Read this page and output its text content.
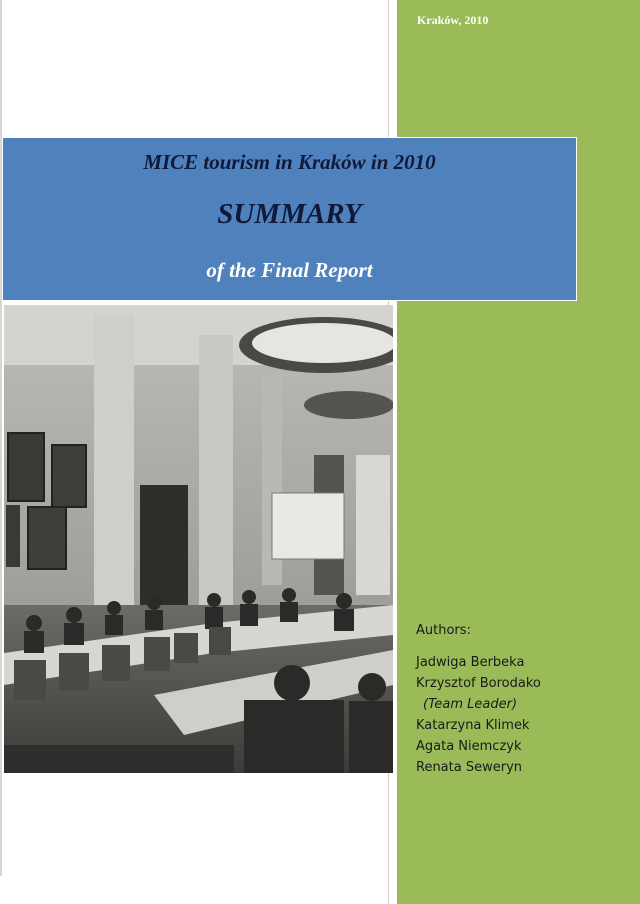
Kraków, 2010
MICE tourism in Kraków in 2010
SUMMARY
of the Final Report
Authors:
Jadwiga Berbeka
Krzysztof Borodako
(Team Leader)
Katarzyna Klimek
Agata Niemczyk
Renata Seweryn
